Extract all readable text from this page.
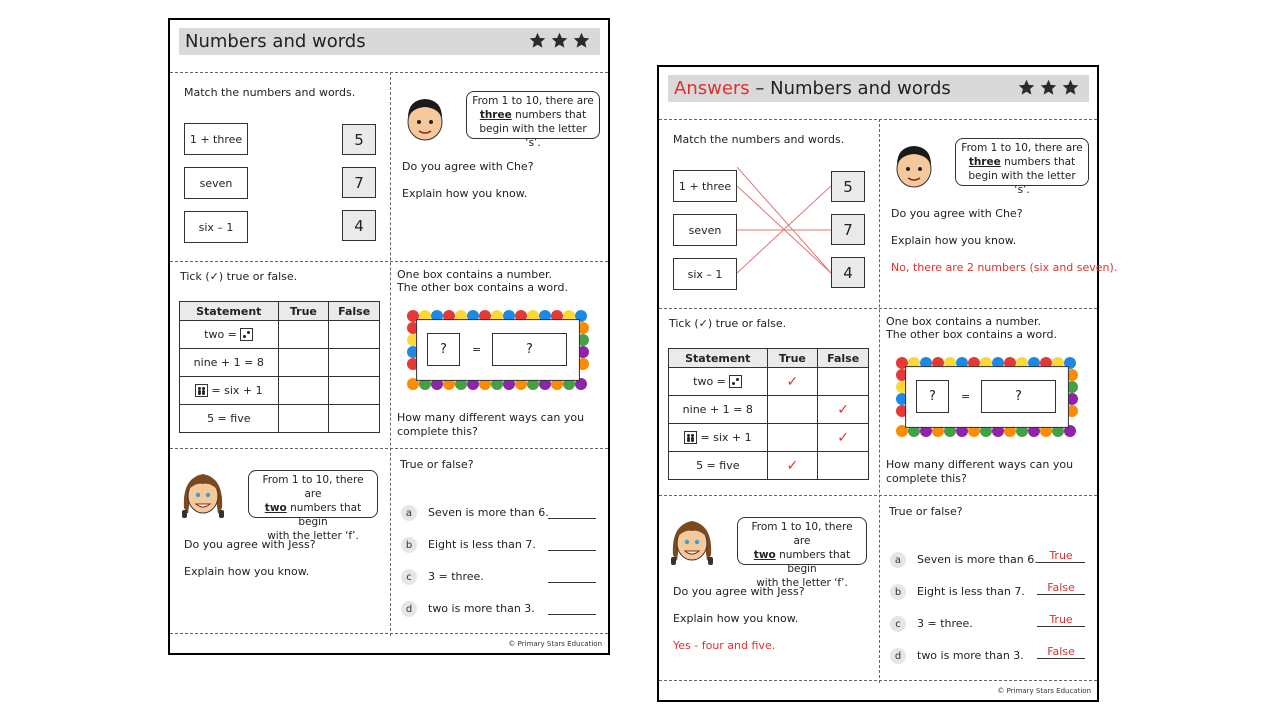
Numbers and words
Match the numbers and words.
1 + three
seven
six – 1
5
7
4
From 1 to 10, there are
three numbers that
begin with the letter ‘s’.
Do you agree with Che?
Explain how you know.
Tick (✓) true or false.
Statement	True	False
two =

nine + 1 = 8		

= six + 1		
5 = five		
One box contains a number.
The other box contains a word.
?	=	?
How many different ways can you complete this?
From 1 to 10, there are
two numbers that begin
with the letter ‘f’.
Do you agree with Jess?
Explain how you know.
True or false?
a	Seven is more than 6.
b	Eight is less than 7.
c	3 = three.
d	two is more than 3.
© Primary Stars Education
Answers – Numbers and words
Match the numbers and words.
1 + three
seven
six – 1
5
7
4
From 1 to 10, there are
three numbers that
begin with the letter ‘s’.
Do you agree with Che?
Explain how you know.
No, there are 2 numbers (six and seven).
Tick (✓) true or false.
Statement	True	False
two =	✓	
nine + 1 = 8		✓

= six + 1		✓
5 = five	✓	
One box contains a number.
The other box contains a word.
?	=	?
How many different ways can you complete this?
From 1 to 10, there are
two numbers that begin
with the letter ‘f’.
Do you agree with Jess?
Explain how you know.
Yes - four and five.
True or false?
a	Seven is more than 6.	True
b	Eight is less than 7.	False
c	3 = three.	True
d	two is more than 3.	False
© Primary Stars Education
